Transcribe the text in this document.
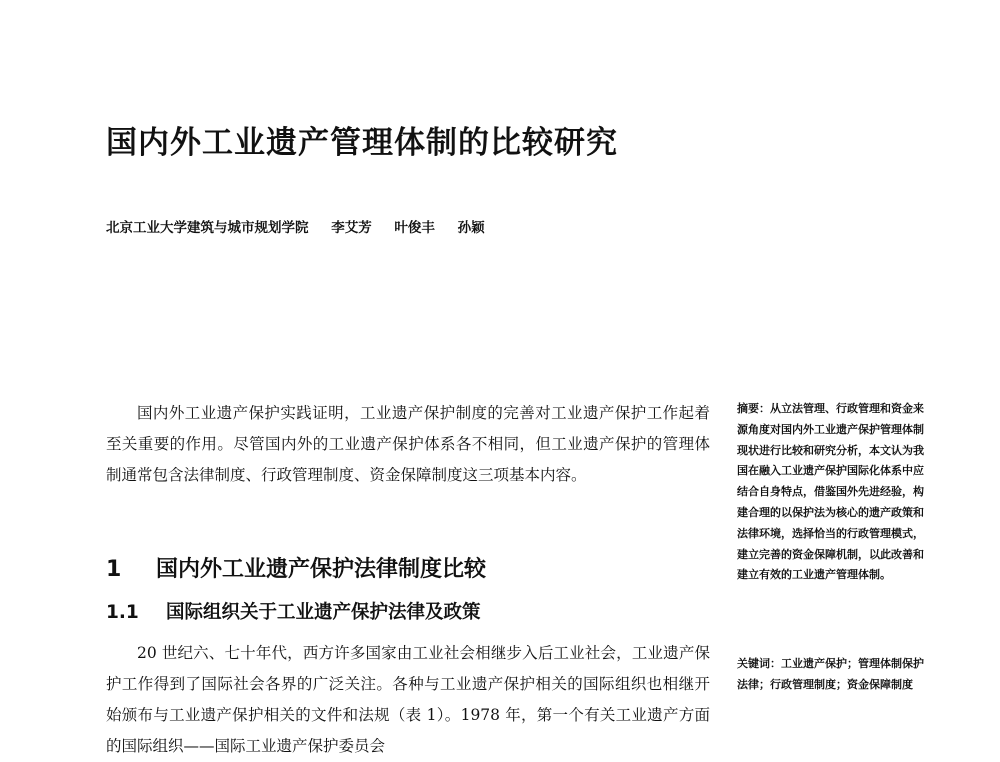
国内外工业遗产管理体制的比较研究
北京工业大学建筑与城市规划学院 李艾芳 叶俊丰 孙颖

国内外工业遗产保护实践证明，工业遗产保护制度的完善对工业遗产保护工作起着至关重要的作用。尽管国内外的工业遗产保护体系各不相同，但工业遗产保护的管理体制通常包含法律制度、行政管理制度、资金保障制度这三项基本内容。

1 国内外工业遗产保护法律制度比较
1.1 国际组织关于工业遗产保护法律及政策

20 世纪六、七十年代，西方许多国家由工业社会相继步入后工业社会，工业遗产保护工作得到了国际社会各界的广泛关注。各种与工业遗产保护相关的国际组织也相继开始颁布与工业遗产保护相关的文件和法规（表 1）。1978 年，第一个有关工业遗产方面的国际组织——国际工业遗产保护委员会

摘要：从立法管理、行政管理和资金来源角度对国内外工业遗产保护管理体制现状进行比较和研究分析，本文认为我国在融入工业遗产保护国际化体系中应结合自身特点，借鉴国外先进经验，构建合理的以保护法为核心的遗产政策和法律环境，选择恰当的行政管理模式，建立完善的资金保障机制，以此改善和建立有效的工业遗产管理体制。

关键词：工业遗产保护；管理体制保护法律；行政管理制度；资金保障制度
